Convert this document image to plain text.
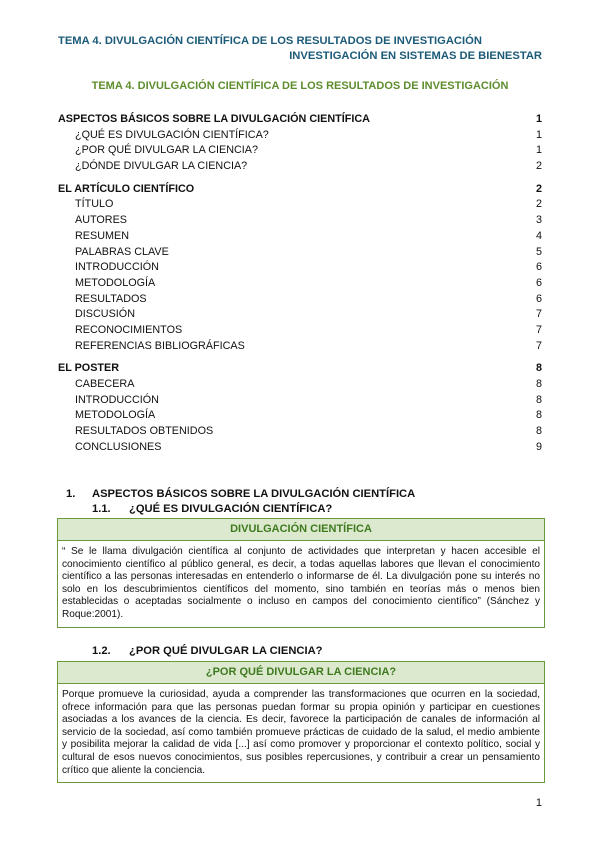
TEMA 4. DIVULGACIÓN CIENTÍFICA DE LOS RESULTADOS DE INVESTIGACIÓN
INVESTIGACIÓN EN SISTEMAS DE BIENESTAR
TEMA 4. DIVULGACIÓN CIENTÍFICA DE LOS RESULTADOS DE INVESTIGACIÓN
ASPECTOS BÁSICOS SOBRE LA DIVULGACIÓN CIENTÍFICA	1
¿QUÉ ES DIVULGACIÓN CIENTÍFICA?	1
¿POR QUÉ DIVULGAR LA CIENCIA?	1
¿DÓNDE DIVULGAR LA CIENCIA?	2
EL ARTÍCULO CIENTÍFICO	2
TÍTULO	2
AUTORES	3
RESUMEN	4
PALABRAS CLAVE	5
INTRODUCCIÓN	6
METODOLOGÍA	6
RESULTADOS	6
DISCUSIÓN	7
RECONOCIMIENTOS	7
REFERENCIAS BIBLIOGRÁFICAS	7
EL POSTER	8
CABECERA	8
INTRODUCCIÓN	8
METODOLOGÍA	8
RESULTADOS OBTENIDOS	8
CONCLUSIONES	9
1. ASPECTOS BÁSICOS SOBRE LA DIVULGACIÓN CIENTÍFICA
1.1. ¿QUÉ ES DIVULGACIÓN CIENTÍFICA?
DIVULGACIÓN CIENTÍFICA
“ Se le llama divulgación científica al conjunto de actividades que interpretan y hacen accesible el conocimiento científico al público general, es decir, a todas aquellas labores que llevan el conocimiento científico a las personas interesadas en entenderlo o informarse de él. La divulgación pone su interés no solo en los descubrimientos científicos del momento, sino también en teorías más o menos bien establecidas o aceptadas socialmente o incluso en campos del conocimiento científico” (Sánchez y Roque:2001).
1.2. ¿POR QUÉ DIVULGAR LA CIENCIA?
¿POR QUÉ DIVULGAR LA CIENCIA?
Porque promueve la curiosidad, ayuda a comprender las transformaciones que ocurren en la sociedad, ofrece información para que las personas puedan formar su propia opinión y participar en cuestiones asociadas a los avances de la ciencia. Es decir, favorece la participación de canales de información al servicio de la sociedad, así como también promueve prácticas de cuidado de la salud, el medio ambiente y posibilita mejorar la calidad de vida [...] así como promover y proporcionar el contexto político, social y cultural de esos nuevos conocimientos, sus posibles repercusiones, y contribuir a crear un pensamiento crítico que aliente la conciencia.
1
